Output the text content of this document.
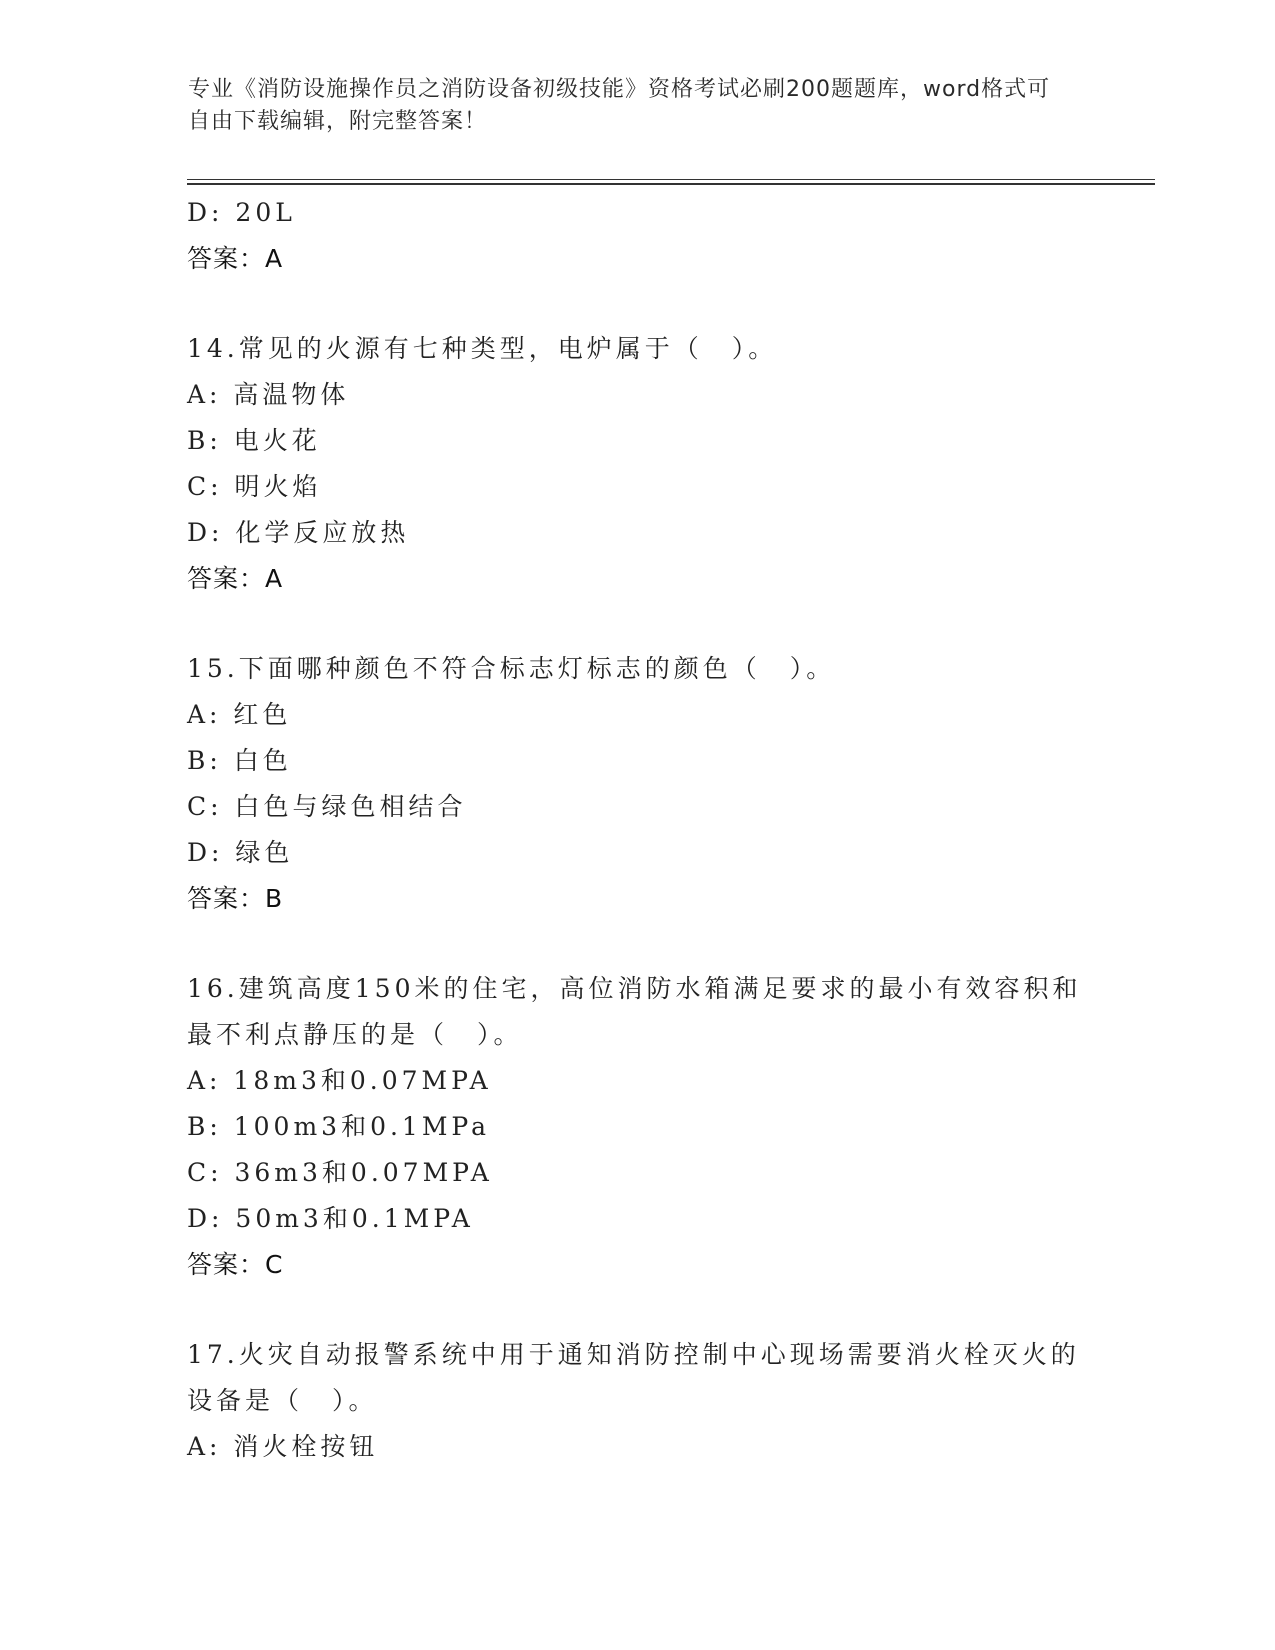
专业《消防设施操作员之消防设备初级技能》资格考试必刷200题题库，word格式可自由下载编辑，附完整答案！
D: 20L
答案：A
14.常见的火源有七种类型，电炉属于（　）。
A: 高温物体
B: 电火花
C: 明火焰
D: 化学反应放热
答案：A
15.下面哪种颜色不符合标志灯标志的颜色（　）。
A: 红色
B: 白色
C: 白色与绿色相结合
D: 绿色
答案：B
16.建筑高度150米的住宅，高位消防水箱满足要求的最小有效容积和最不利点静压的是（　）。
A: 18m3和0.07MPA
B: 100m3和0.1MPa
C: 36m3和0.07MPA
D: 50m3和0.1MPA
答案：C
17.火灾自动报警系统中用于通知消防控制中心现场需要消火栓灭火的设备是（　）。
A: 消火栓按钮
